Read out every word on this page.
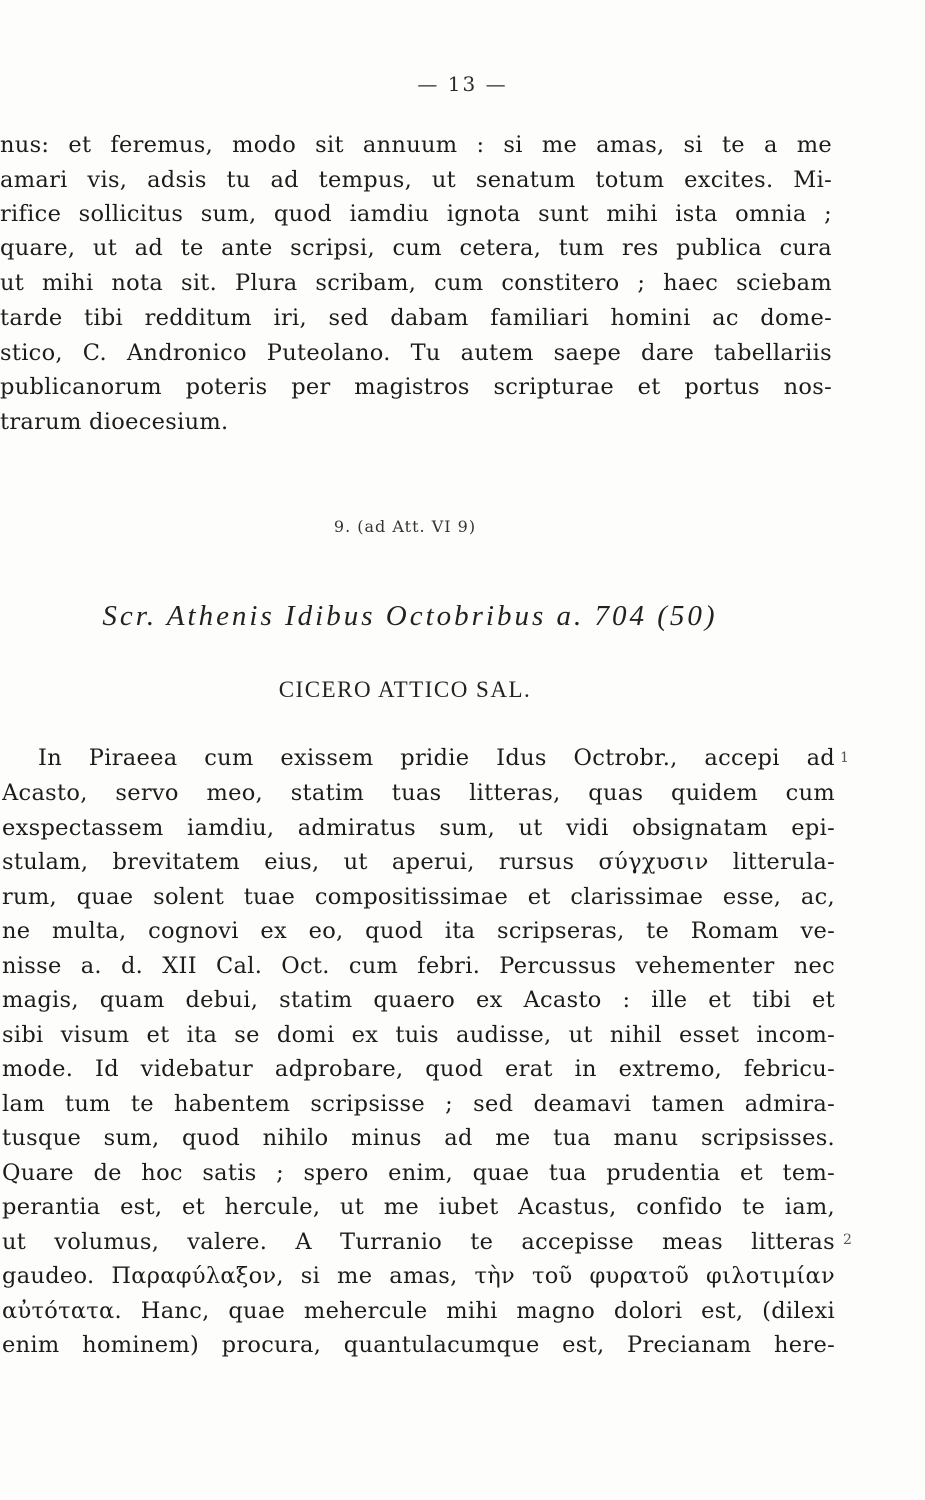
— 13 —
nus: et feremus, modo sit annuum : si me amas, si te a me
amari vis, adsis tu ad tempus, ut senatum totum excites. Mi-
rifice sollicitus sum, quod iamdiu ignota sunt mihi ista omnia ;
quare, ut ad te ante scripsi, cum cetera, tum res publica cura
ut mihi nota sit. Plura scribam, cum constitero ; haec sciebam
tarde tibi redditum iri, sed dabam familiari homini ac dome-
stico, C. Andronico Puteolano. Tu autem saepe dare tabellariis
publicanorum poteris per magistros scripturae et portus nos-
trarum dioecesium.
9. (ad Att. VI 9)
Scr. Athenis Idibus Octobribus a. 704 (50)
CICERO ATTICO SAL.
In Piraeea cum exissem pridie Idus Octrobr., accepi ad
Acasto, servo meo, statim tuas litteras, quas quidem cum
exspectassem iamdiu, admiratus sum, ut vidi obsignatam epi-
stulam, brevitatem eius, ut aperui, rursus σύγχυσιν litterula-
rum, quae solent tuae compositissimae et clarissimae esse, ac,
ne multa, cognovi ex eo, quod ita scripseras, te Romam ve-
nisse a. d. XII Cal. Oct. cum febri. Percussus vehementer nec
magis, quam debui, statim quaero ex Acasto : ille et tibi et
sibi visum et ita se domi ex tuis audisse, ut nihil esset incom-
mode. Id videbatur adprobare, quod erat in extremo, febricu-
lam tum te habentem scripsisse ; sed deamavi tamen admira-
tusque sum, quod nihilo minus ad me tua manu scripsisses.
Quare de hoc satis ; spero enim, quae tua prudentia et tem-
perantia est, et hercule, ut me iubet Acastus, confido te iam,
ut volumus, valere. A Turranio te accepisse meas litteras
gaudeo. Παραφύλαξον, si me amas, τὴν τοῦ φυρατοῦ φιλοτιμίαν
αὐτότατα. Hanc, quae mehercule mihi magno dolori est, (dilexi
enim hominem) procura, quantulacumque est, Precianam here-
1
2
